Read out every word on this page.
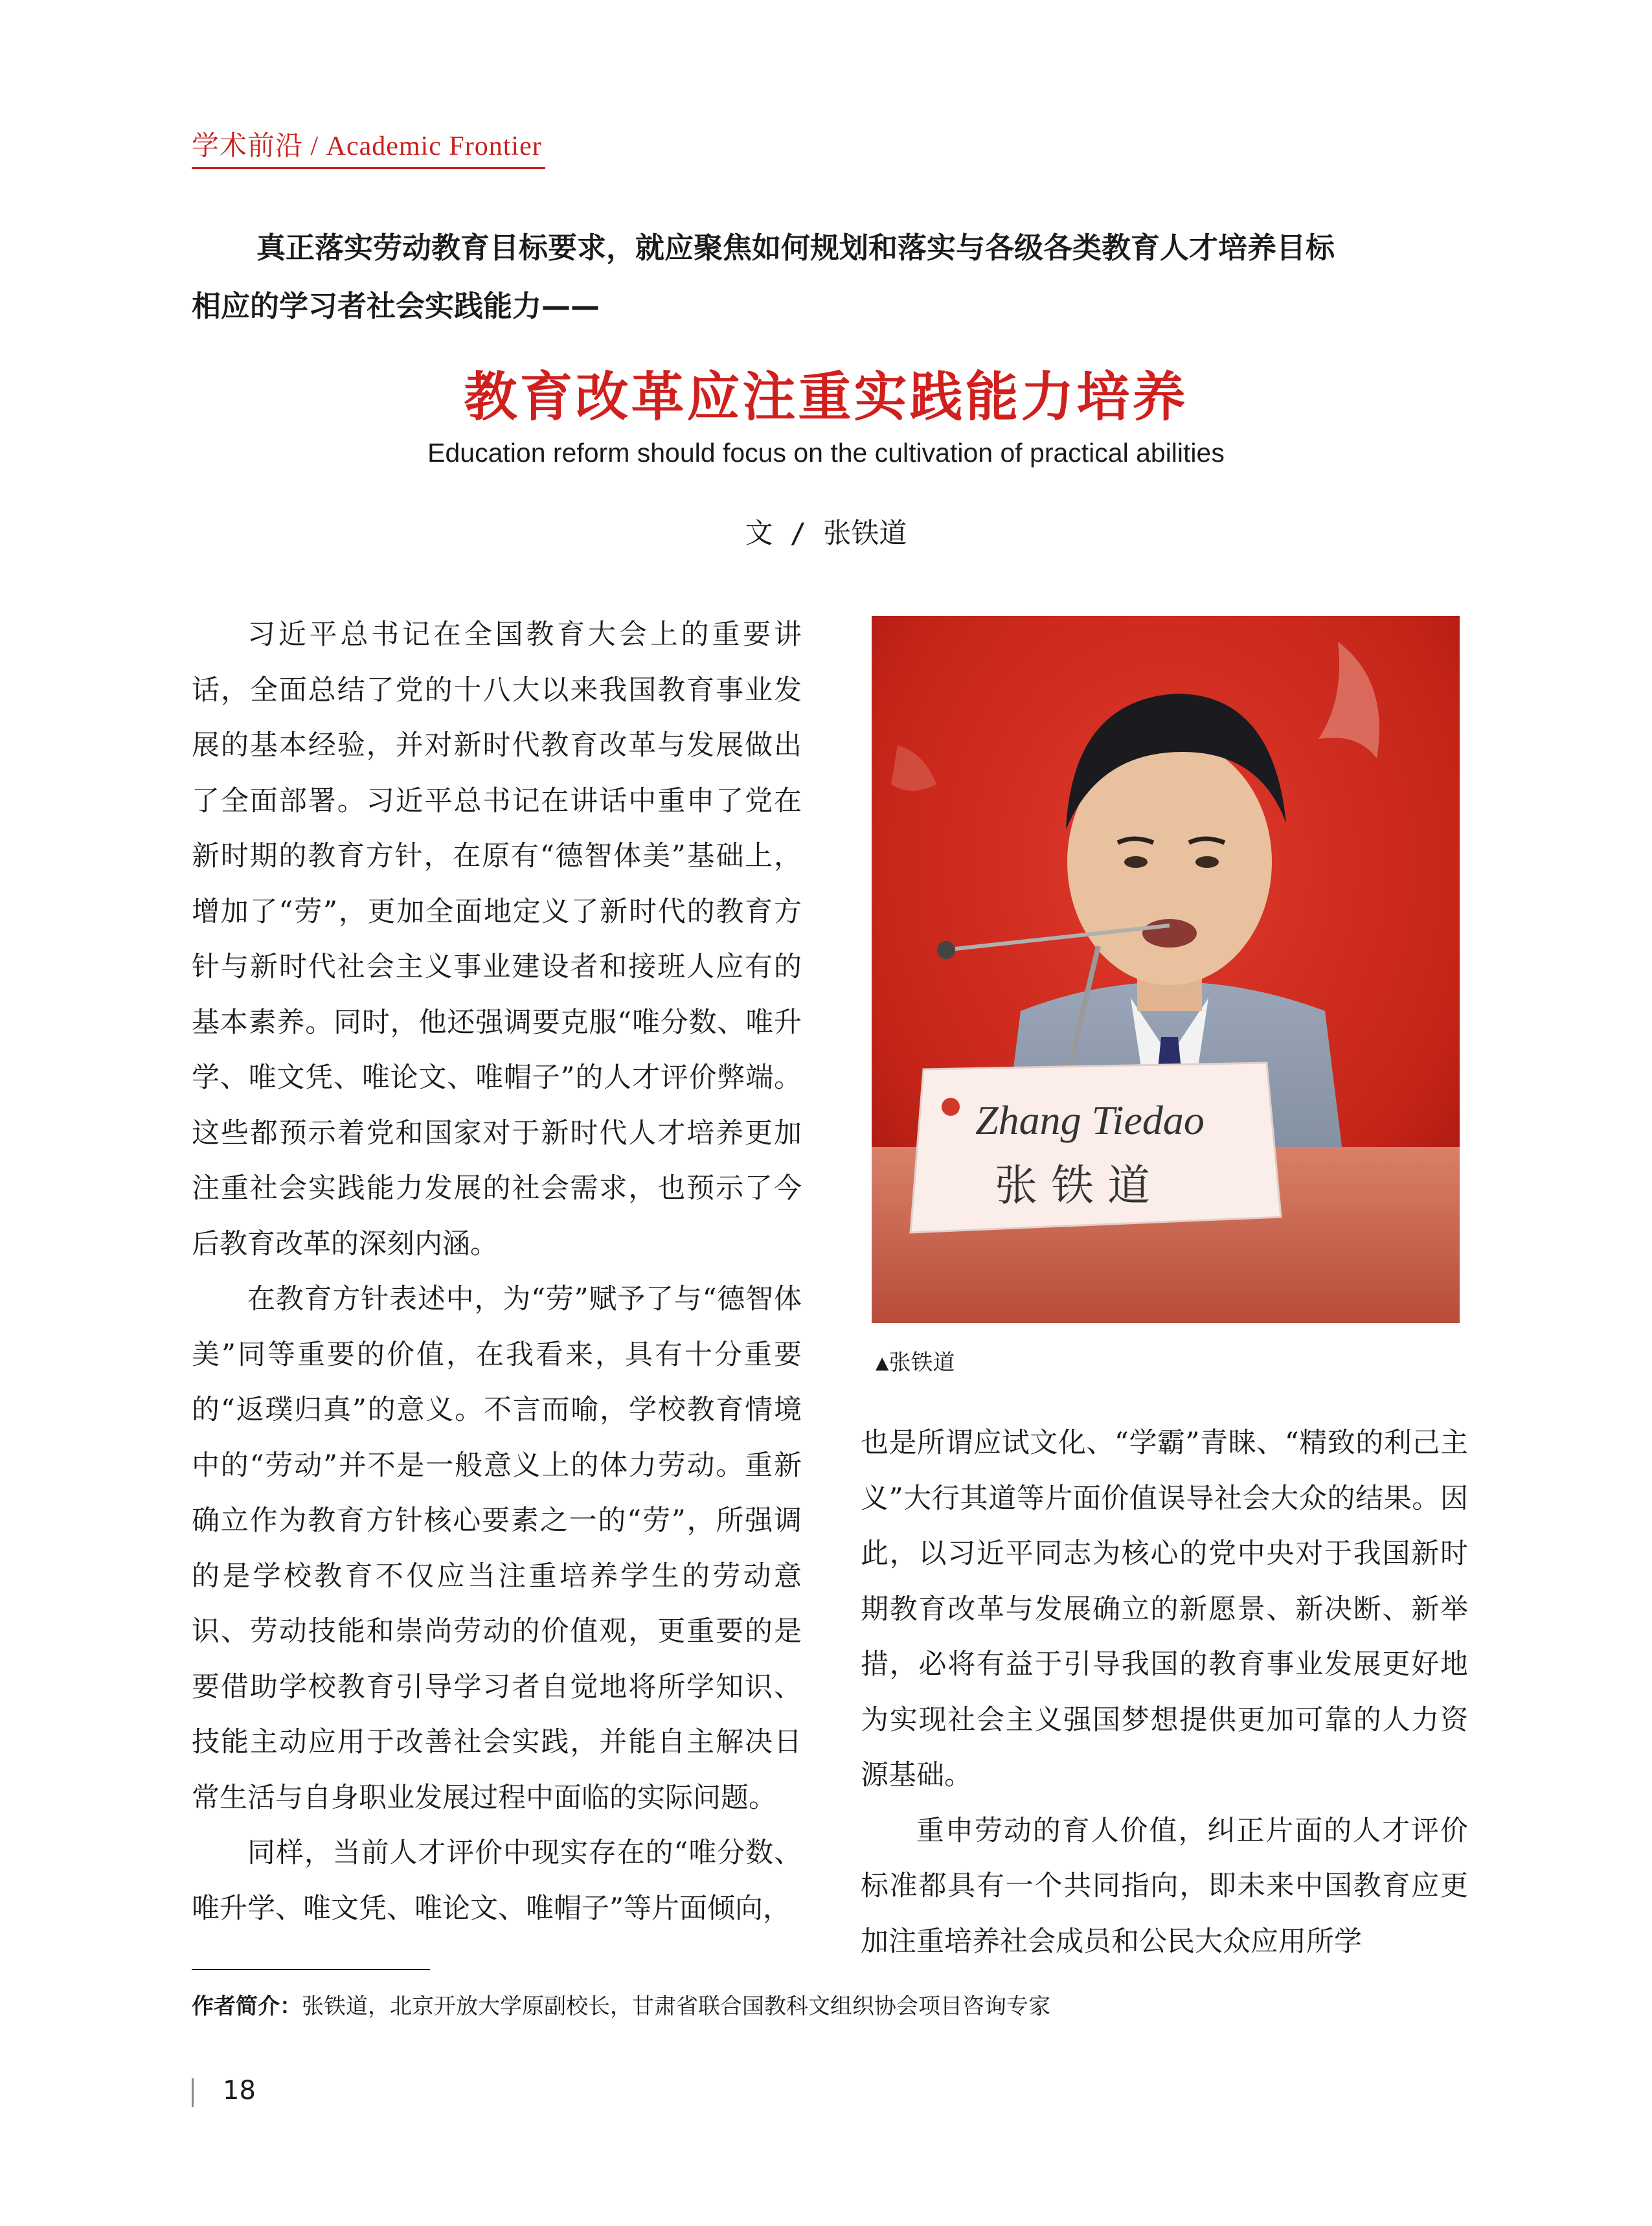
学术前沿 / Academic Frontier
真正落实劳动教育目标要求，就应聚焦如何规划和落实与各级各类教育人才培养目标
相应的学习者社会实践能力——
教育改革应注重实践能力培养
Education reform should focus on the cultivation of practical abilities
文 / 张铁道

习近平总书记在全国教育大会上的重要讲话，全面总结了党的十八大以来我国教育事业发展的基本经验，并对新时代教育改革与发展做出了全面部署。习近平总书记在讲话中重申了党在新时期的教育方针，在原有“德智体美”基础上，增加了“劳”，更加全面地定义了新时代的教育方针与新时代社会主义事业建设者和接班人应有的基本素养。同时，他还强调要克服“唯分数、唯升学、唯文凭、唯论文、唯帽子”的人才评价弊端。这些都预示着党和国家对于新时代人才培养更加注重社会实践能力发展的社会需求，也预示了今后教育改革的深刻内涵。

在教育方针表述中，为“劳”赋予了与“德智体美”同等重要的价值，在我看来，具有十分重要的“返璞归真”的意义。不言而喻，学校教育情境中的“劳动”并不是一般意义上的体力劳动。重新确立作为教育方针核心要素之一的“劳”，所强调的是学校教育不仅应当注重培养学生的劳动意识、劳动技能和崇尚劳动的价值观，更重要的是要借助学校教育引导学习者自觉地将所学知识、技能主动应用于改善社会实践，并能自主解决日常生活与自身职业发展过程中面临的实际问题。

同样，当前人才评价中现实存在的“唯分数、唯升学、唯文凭、唯论文、唯帽子”等片面倾向，

Zhang Tiedao
张 铁 道
▲张铁道

也是所谓应试文化、“学霸”青睐、“精致的利己主义”大行其道等片面价值误导社会大众的结果。因此，以习近平同志为核心的党中央对于我国新时期教育改革与发展确立的新愿景、新决断、新举措，必将有益于引导我国的教育事业发展更好地为实现社会主义强国梦想提供更加可靠的人力资源基础。

重申劳动的育人价值，纠正片面的人才评价标准都具有一个共同指向，即未来中国教育应更加注重培养社会成员和公民大众应用所学

作者简介：张铁道，北京开放大学原副校长，甘肃省联合国教科文组织协会项目咨询专家
18
